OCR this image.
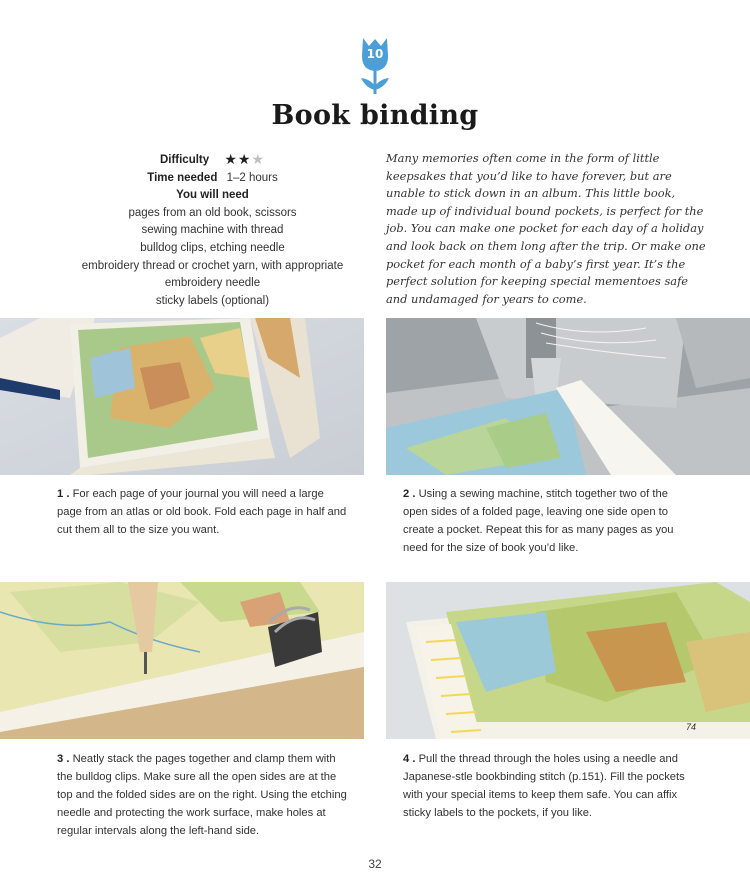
10
Book binding
Difficulty ★★★
Time needed 1–2 hours
You will need
pages from an old book, scissors
sewing machine with thread
bulldog clips, etching needle
embroidery thread or crochet yarn, with appropriate
embroidery needle
sticky labels (optional)
Many memories often come in the form of little keepsakes that you’d like to have forever, but are unable to stick down in an album. This little book, made up of individual bound pockets, is perfect for the job. You can make one pocket for each day of a holiday and look back on them long after the trip. Or make one pocket for each month of a baby’s first year. It’s the perfect solution for keeping special mementoes safe and undamaged for years to come.
74
1 . For each page of your journal you will need a large page from an atlas or old book. Fold each page in half and cut them all to the size you want.
2 . Using a sewing machine, stitch together two of the open sides of a folded page, leaving one side open to create a pocket. Repeat this for as many pages as you need for the size of book you’d like.
3 . Neatly stack the pages together and clamp them with the bulldog clips. Make sure all the open sides are at the top and the folded sides are on the right. Using the etching needle and protecting the work surface, make holes at regular intervals along the left-hand side.
4 . Pull the thread through the holes using a needle and Japanese-stle bookbinding stitch (p.151). Fill the pockets with your special items to keep them safe. You can affix sticky labels to the pockets, if you like.
32
